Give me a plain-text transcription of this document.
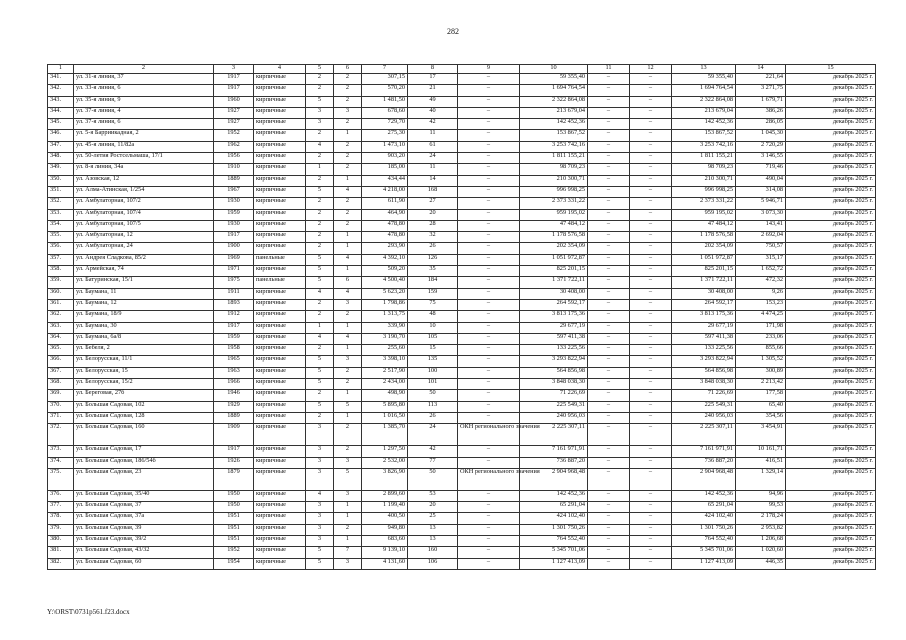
282
1	2	3	4	5	6	7	8	9	10	11	12	13	14	15
341.	ул. 31-я линия, 37	1917	кирпичные	2	2	307,15	17	–	59 355,40	–	–	59 355,40	221,64	декабрь 2025 г.
342.	ул. 33-я линия, 6	1917	кирпичные	2	2	570,20	21	–	1 694 764,54	–	–	1 694 764,54	3 271,75	декабрь 2025 г.
343.	ул. 35-я линия, 9	1960	кирпичные	5	2	1 481,50	49	–	2 322 864,08	–	–	2 322 864,08	1 679,71	декабрь 2025 г.
344.	ул. 37-я линия, 4	1927	кирпичные	3	3	678,60	40	–	213 679,04	–	–	213 679,04	386,26	декабрь 2025 г.
345.	ул. 37-я линия, 6	1927	кирпичные	3	2	729,70	42	–	142 452,36	–	–	142 452,36	286,05	декабрь 2025 г.
346.	ул. 5-я Барриикадная, 2	1952	кирпичные	2	1	275,30	11	–	153 867,52	–	–	153 867,52	1 045,30	декабрь 2025 г.
347.	ул. 45-я линия, 11/82а	1962	кирпичные	4	2	1 473,10	61	–	3 253 742,16	–	–	3 253 742,16	2 720,29	декабрь 2025 г.
348.	ул. 50-летия Ростсельмаша, 17/1	1956	кирпичные	2	2	903,20	24	–	1 811 155,21	–	–	1 811 155,21	3 146,55	декабрь 2025 г.
349.	ул. 8-я линия, 34а	1910	кирпичные	1	2	185,00	11	–	98 709,23	–	–	98 709,23	719,46	декабрь 2025 г.
350.	ул. Азовская, 12	1889	кирпичные	2	1	434,44	14	–	210 300,71	–	–	210 300,71	490,04	декабрь 2025 г.
351.	ул. Алма-Атинская, 1/254	1967	кирпичные	5	4	4 218,00	168	–	996 998,25	–	–	996 998,25	314,08	декабрь 2025 г.
352.	ул. Амбулаторная, 107/2	1930	кирпичные	2	2	611,90	27	–	2 373 331,22	–	–	2 373 331,22	5 946,71	декабрь 2025 г.
353.	ул. Амбулаторная, 107/4	1959	кирпичные	2	2	464,90	20	–	959 195,02	–	–	959 195,02	3 073,30	декабрь 2025 г.
354.	ул. Амбулаторная, 107/5	1930	кирпичные	2	2	478,80	28	–	47 484,12	–	–	47 484,12	143,41	декабрь 2025 г.
355.	ул. Амбулаторная, 12	1917	кирпичные	2	1	478,80	32	–	1 178 576,58	–	–	1 178 576,58	2 692,04	декабрь 2025 г.
356.	ул. Амбулаторная, 24	1900	кирпичные	2	1	293,90	26	–	202 354,09	–	–	202 354,09	750,57	декабрь 2025 г.
357.	ул. Андрея Сладкова, 85/2	1969	панельные	5	4	4 392,10	126	–	1 051 972,87	–	–	1 051 972,87	315,17	декабрь 2025 г.
358.	ул. Армейская, 74	1971	кирпичные	5	1	509,20	35	–	825 201,15	–	–	825 201,15	1 652,72	декабрь 2025 г.
359.	ул. Батуринская, 15/1	1975	панельные	5	6	4 500,40	184	–	1 371 722,11	–	–	1 371 722,11	472,32	декабрь 2025 г.
360.	ул. Баумана, 11	1911	кирпичные	4	4	5 623,20	159	–	30 408,00	–	–	30 408,00	9,26	декабрь 2025 г.
361.	ул. Баумана, 12	1893	кирпичные	2	3	1 798,86	75	–	264 592,17	–	–	264 592,17	153,23	декабрь 2025 г.
362.	ул. Баумана, 18/9	1912	кирпичные	2	2	1 313,75	48	–	3 813 175,36	–	–	3 813 175,36	4 474,25	декабрь 2025 г.
363.	ул. Баумана, 30	1917	кирпичные	1	1	339,90	10	–	29 677,19	–	–	29 677,19	171,98	декабрь 2025 г.
364.	ул. Баумана, 6а/8	1959	кирпичные	4	4	3 190,70	105	–	597 411,38	–	–	597 411,38	233,06	декабрь 2025 г.
365.	ул. Бебеля, 2	1958	кирпичные	2	1	255,60	15	–	133 225,56	–	–	133 225,56	855,66	декабрь 2025 г.
366.	ул. Белорусская, 11/1	1965	кирпичные	5	3	3 398,10	135	–	3 293 822,94	–	–	3 293 822,94	1 305,52	декабрь 2025 г.
367.	ул. Белорусская, 15	1963	кирпичные	5	2	2 517,90	100	–	564 856,98	–	–	564 856,98	300,89	декабрь 2025 г.
368.	ул. Белорусская, 15/2	1966	кирпичные	5	2	2 434,00	101	–	3 848 038,30	–	–	3 848 038,30	2 213,42	декабрь 2025 г.
369.	ул. Береговая, 27б	1946	кирпичные	2	1	498,90	50	–	71 226,69	–	–	71 226,69	177,58	декабрь 2025 г.
370.	ул. Большая Садовая, 102	1929	кирпичные	5	5	5 895,80	113	–	225 549,31	–	–	225 549,31	65,40	декабрь 2025 г.
371.	ул. Большая Садовая, 128	1889	кирпичные	2	1	1 016,50	26	–	240 956,03	–	–	240 956,03	354,56	декабрь 2025 г.
372.	ул. Большая Садовая, 160	1909	кирпичные	3	2	1 385,70	24	ОКН регионального значения	2 225 307,11	–	–	2 225 307,11	3 454,91	декабрь 2025 г.
373.	ул. Большая Садовая, 17	1917	кирпичные	3	2	1 297,50	42	–	7 161 971,91	–	–	7 161 971,91	10 161,71	декабрь 2025 г.
374.	ул. Большая Садовая, 186/54б	1926	кирпичные	3	3	2 532,00	77	–	736 887,20	–	–	736 887,20	416,51	декабрь 2025 г.
375.	ул. Большая Садовая, 23	1879	кирпичные	3	5	3 826,90	50	ОКН регионального значения	2 904 968,48	–	–	2 904 968,48	1 329,14	декабрь 2025 г.
376.	ул. Большая Садовая, 35/40	1950	кирпичные	4	3	2 899,60	53	–	142 452,36	–	–	142 452,36	94,96	декабрь 2025 г.
377.	ул. Большая Садовая, 37	1950	кирпичные	3	1	1 199,40	20	–	65 291,04	–	–	65 291,04	99,53	декабрь 2025 г.
378.	ул. Большая Садовая, 37а	1951	кирпичные	3	1	400,50	25	–	424 102,40	–	–	424 102,40	2 178,24	декабрь 2025 г.
379.	ул. Большая Садовая, 39	1951	кирпичные	3	2	949,80	13	–	1 301 750,26	–	–	1 301 750,26	2 953,82	декабрь 2025 г.
380.	ул. Большая Садовая, 39/2	1951	кирпичные	3	1	683,60	13	–	764 552,40	–	–	764 552,40	1 206,68	декабрь 2025 г.
381.	ул. Большая Садовая, 43/32	1952	кирпичные	5	7	9 139,10	160	–	5 345 701,06	–	–	5 345 701,06	1 020,60	декабрь 2025 г.
382.	ул. Большая Садовая, 60	1954	кирпичные	5	3	4 131,60	106	–	1 127 413,09	–	–	1 127 413,09	446,35	декабрь 2025 г.
Y:\ORST\0731p561.f23.docx
